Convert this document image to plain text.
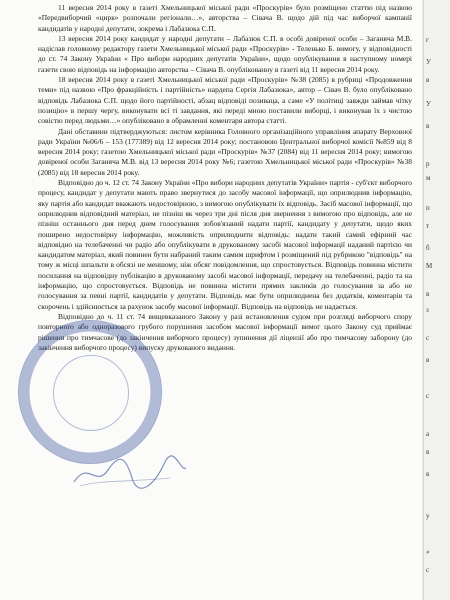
11 вересня 2014 року в газеті Хмельницької міської ради «Проскурів» було розміщено статтю під назвою «Передвиборчий «цирк» розпочали регіонали…», авторства – Сівача В. щодо дій під час виборчої кампанії кандидатів у народні депутати, зокрема і Лабазюка С.П.

13 вересня 2014 року кандидат у народні депутати – Лабазюк С.П. в особі довіреної особи – Заганяча М.В. надіслав головному редактору газети Хмельницької міської ради «Проскурів» - Теленько Б. вимогу, у відповідності до ст. 74 Закону України « Про вибори народних депутатів України», щодо опублікування в наступному номері газети свою відповідь на інформацію авторства – Сівача В. опублікованну в газеті від 11 вересня 2014 року.

18 вересня 2014 року в газеті Хмельницької міської ради «Проскурів» №38 (2085) в рубриці «Продовження теми» під назвою «Про фракційність і партійність» нардепа Сергія Лабазюка», автор – Сівач В. було опубліковано відповідь Лабазюка С.П. щодо його партійності, абзац відповіді позиваца, а саме «У політиці завжди займав чітку позицію» в першу чергу, виконувати всі ті завдання, які переді мною поставили виборці, і виконував їх з чистою совістю перед людьми…» опубліковано в обрамленні коментаря автора статті.

Дані обставини підтверджуються: листом керівника Головного організаційного управління апарату Верховної ради України №06/6 – 153 (177389) від 12 вересня 2014 року; постановою Центральної виборчої комісії №859 від 8 вересня 2014 року; газетою Хмельницької міської ради «Проскурів» №37 (2084) від 11 вересня 2014 року; вимогою довіреної особи Заганяча М.В. від 13 вересня 2014 року №6; газетою Хмельницької міської ради «Проскурів» №38 (2085) від 18 вересня 2014 року.

Відповідно до ч. 12 ст. 74 Закону України «Про вибори народних депутатів України» партія - суб'єкт виборчого процесу, кандидат у депутати мають право звернутися до засобу масової інформації, що оприлюднив інформацію, яку партія або кандидат вважають недостовірною, з вимогою опублікувати їх відповідь. Засіб масової інформації, що оприлюднив відповідний матеріал, не пізніш як через три дні після дня звернення з вимогою про відповідь, але не пізніш останнього дня перед днем голосування зобов'язаний надати партії, кандидату у депутати, щодо яких поширено недостовірну інформацію, можливість оприлюднити відповідь: надати такий самий ефірний час відповідно на телебаченні чи радіо або опублікувати в друкованому засобі масової інформації наданий партією чи кандидатом матеріал, який повинен бути набраний таким самим шрифтом і розміщений під рубрикою "відповідь" на тому ж місці шпальти в обсязі не меншому, ніж обсяг повідомлення, що спростовується. Відповідь повинна містити посилання на відповідну публікацію в друкованому засобі масової інформації, передачу на телебаченні, радіо та на інформацію, що спростовується. Відповідь не повинна містити прямих закликів до голосування за або не голосування за певні партії, кандидатів у депутати. Відповідь має бути оприлюднена без додатків, коментарів та скорочень і здійснюється за рахунок засобу масової інформації. Відповідь на відповідь не надається.

Відповідно до ч. 11 ст. 74 вищевказаного Закону у разі встановлення судом при розгляді виборчого спору повторного або одноразового грубого порушення засобом масової інформації вимог цього Закону суд приймає рішення про тимчасове (до закінчення виборчого процесу) зупинення дії ліцензії або про тимчасову заборону (до закінчення виборчого процесу) випуску друкованого видання.

г
У
в
У
в
р
м
п
т
б
М
в
з
с
в
с
а
в
в
у
«
с
